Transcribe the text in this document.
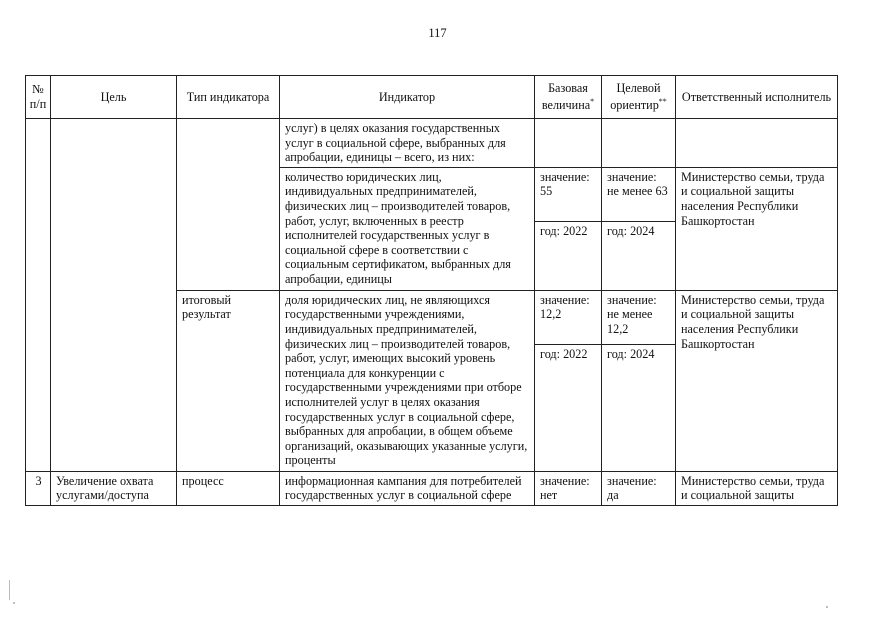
117
№ п/п	Цель	Тип индикатора	Индикатор	Базовая величина*	Целевой ориентир**	Ответственный исполнитель
			услуг) в целях оказания государственных услуг в социальной сфере, выбранных для апробации, единицы – всего, из них:			
			количество юридических лиц, индивидуальных предпринимателей, физических лиц – производителей товаров, работ, услуг, включенных в реестр исполнителей государственных услуг в социальной сфере в соответствии с социальным сертификатом, выбранных для апробации, единицы	значение: 55	значение: не менее 63	Министерство семьи, труда и социальной защиты населения Республики Башкортостан
				год: 2022	год: 2024	
		итоговый результат	доля юридических лиц, не являющихся государственными учреждениями, индивидуальных предпринимателей, физических лиц – производителей товаров, работ, услуг, имеющих высокий уровень потенциала для конкуренции с государственными учреждениями при отборе исполнителей услуг в целях оказания государственных услуг в социальной сфере, выбранных для апробации, в общем объеме организаций, оказывающих указанные услуги, проценты	значение: 12,2	значение: не менее 12,2	Министерство семьи, труда и социальной защиты населения Республики Башкортостан
				год: 2022	год: 2024	
3	Увеличение охвата услугами/доступа	процесс	информационная кампания для потребителей государственных услуг в социальной сфере	значение: нет	значение: да	Министерство семьи, труда и социальной защиты
